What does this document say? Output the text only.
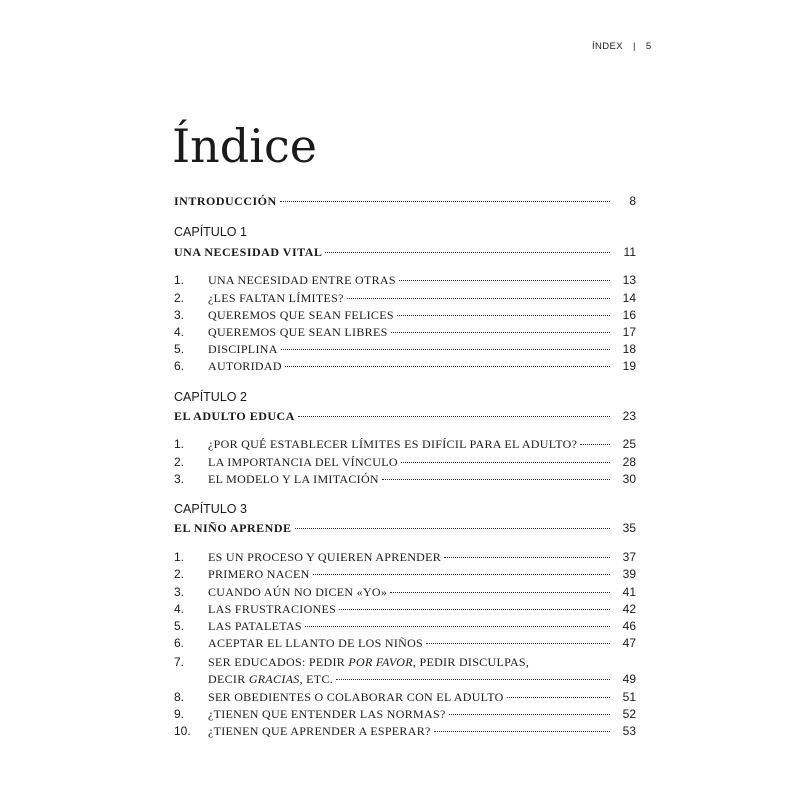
ÍNDEX | 5
Índice
INTRODUCCIÓN	8
CAPÍTULO 1
UNA NECESIDAD VITAL	11
1.	UNA NECESIDAD ENTRE OTRAS	13
2.	¿LES FALTAN LÍMITES?	14
3.	QUEREMOS QUE SEAN FELICES	16
4.	QUEREMOS QUE SEAN LIBRES	17
5.	DISCIPLINA	18
6.	AUTORIDAD	19
CAPÍTULO 2
EL ADULTO EDUCA	23
1.	¿POR QUÉ ESTABLECER LÍMITES ES DIFÍCIL PARA EL ADULTO?	25
2.	LA IMPORTANCIA DEL VÍNCULO	28
3.	EL MODELO Y LA IMITACIÓN	30
CAPÍTULO 3
EL NIÑO APRENDE	35
1.	ES UN PROCESO Y QUIEREN APRENDER	37
2.	PRIMERO NACEN	39
3.	CUANDO AÚN NO DICEN «YO»	41
4.	LAS FRUSTRACIONES	42
5.	LAS PATALETAS	46
6.	ACEPTAR EL LLANTO DE LOS NIÑOS	47
7.	SER EDUCADOS: PEDIR POR FAVOR, PEDIR DISCULPAS,
DECIR GRACIAS, ETC.	49
8.	SER OBEDIENTES O COLABORAR CON EL ADULTO	51
9.	¿TIENEN QUE ENTENDER LAS NORMAS?	52
10.	¿TIENEN QUE APRENDER A ESPERAR?	53
